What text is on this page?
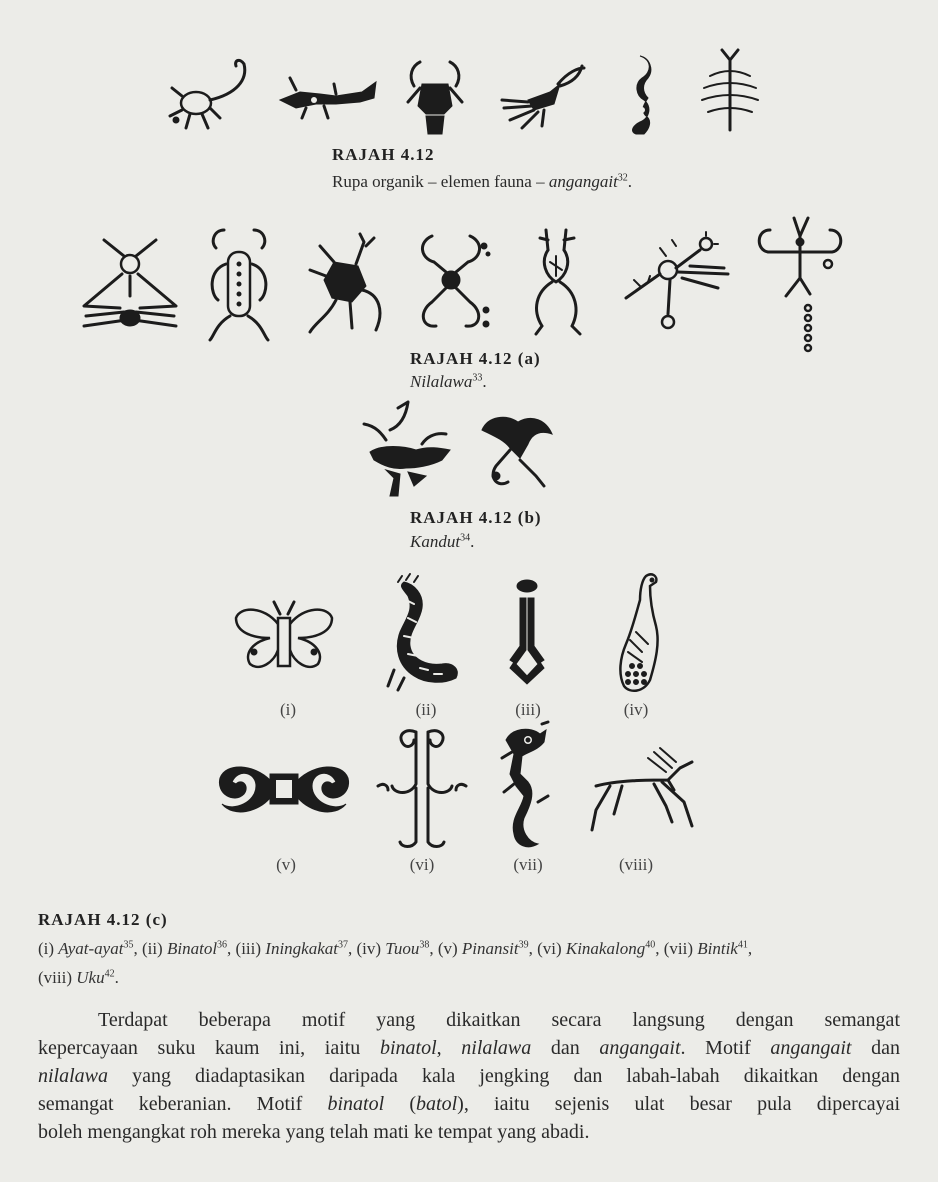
RAJAH 4.12
Rupa organik – elemen fauna – angangait$^{32}$.
RAJAH 4.12 (a)
Nilalawa$^{33}$.
RAJAH 4.12 (b)
Kandut$^{34}$.
(i)	(ii)	(iii)	(iv)
(v)	(vi)	(vii)	(viii)
RAJAH 4.12 (c)
(i) Ayat-ayat$^{35}$, (ii) Binatol$^{36}$, (iii) Iningkakat$^{37}$, (iv) Tuou$^{38}$, (v) Pinansit$^{39}$, (vi) Kinakalong$^{40}$, (vii) Bintik$^{41}$,
(viii) Uku$^{42}$.
Terdapat beberapa motif yang dikaitkan secara langsung dengan semangat
kepercayaan suku kaum ini, iaitu binatol, nilalawa dan angangait. Motif angangait dan
nilalawa yang diadaptasikan daripada kala jengking dan labah-labah dikaitkan dengan
semangat keberanian. Motif binatol (batol), iaitu sejenis ulat besar pula dipercayai
boleh mengangkat roh mereka yang telah mati ke tempat yang abadi.
